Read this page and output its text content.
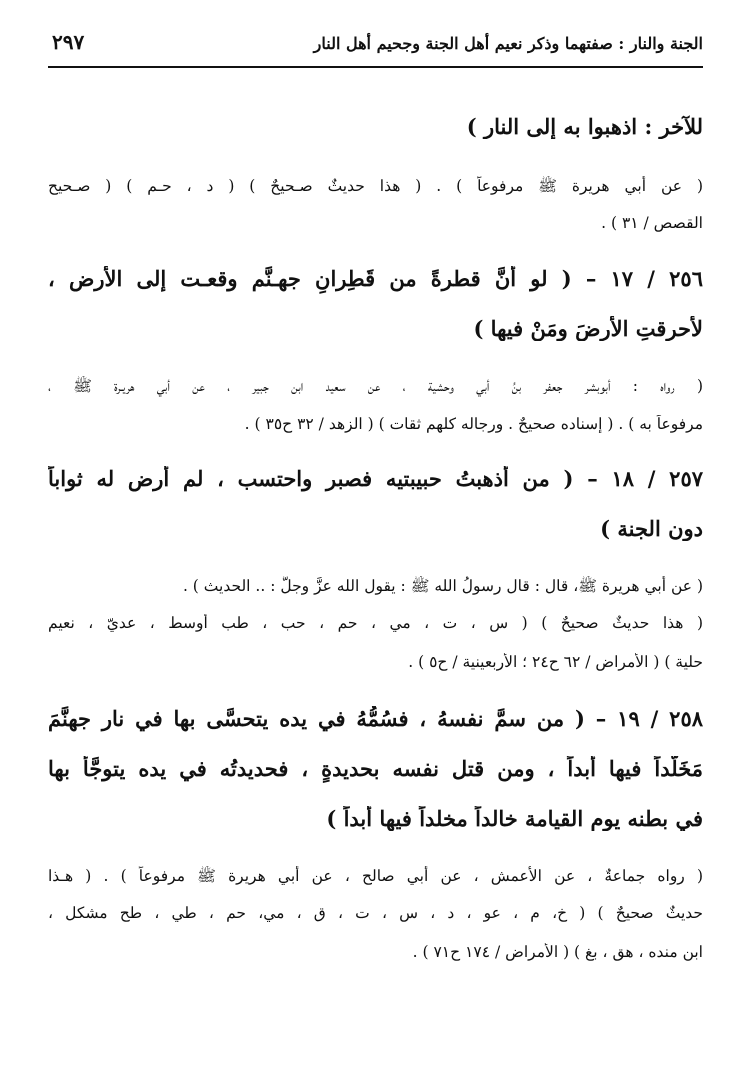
الجنة والنار : صفتهما وذكر نعيم أهل الجنة وجحيم أهل النار
٢٩٧
للآخر : اذهبوا به إلى النار )
( عن أبي هريرة ﷺ مرفوعاً ) . ( هذا حديثٌ صـحيحٌ ) ( د ، حـم ) ( صـحيح
القصص / ٣١ ) .
٢٥٦ / ١٧ – ( لو أنَّ قطرةً من قَطِرانِ جهـنَّم وقعـت إلى الأرض ،
لأحرقتِ الأرضَ ومَنْ فيها )
( رواه : أبوبشر جعفر بنُ أبي وحشية ، عن سعيد ابن جبير ، عن أبي هريـرة ﷺ ،
مرفوعاً به ) . ( إسناده صحيحٌ . ورجاله كلهم ثقات ) ( الزهد / ٣٢ ح٣٥ ) .
٢٥٧ / ١٨ – ( من أذهبتُ حبيبتيه فصبر واحتسب ، لم أرض له ثواباً
دون الجنة )
( عن أبي هريرة ﷺ، قال : قال رسولُ الله ﷺ : يقول الله عزَّ وجلَّ : .. الحديث ) .
( هذا حديثٌ صحيحٌ ) ( س ، ت ، مي ، حم ، حب ، طب أوسط ، عديّ ، نعيم
حلية ) ( الأمراض / ٦٢ ح٢٤ ؛ الأربعينية / ح٥ ) .
٢٥٨ / ١٩ – ( من سمَّ نفسهُ ، فسُمُّهُ في يده يتحسَّى بها في نار جهنَّمَ
مَخَلَّداً فيها أبداً ، ومن قتل نفسه بحديدةٍ ، فحديدتُه في يده يتوجَّأ بها
في بطنه يوم القيامة خالداً مخلداً فيها أبداً )
( رواه جماعةٌ ، عن الأعمش ، عن أبي صالح ، عن أبي هريرة ﷺ مرفوعاً ) . ( هـذا
حديثٌ صحيحٌ ) ( خ، م ، عو ، د ، س ، ت ، ق ، مي، حم ، طي ، طح مشكل ،
ابن منده ، هق ، بغ ) ( الأمراض / ١٧٤ ح٧١ ) .
